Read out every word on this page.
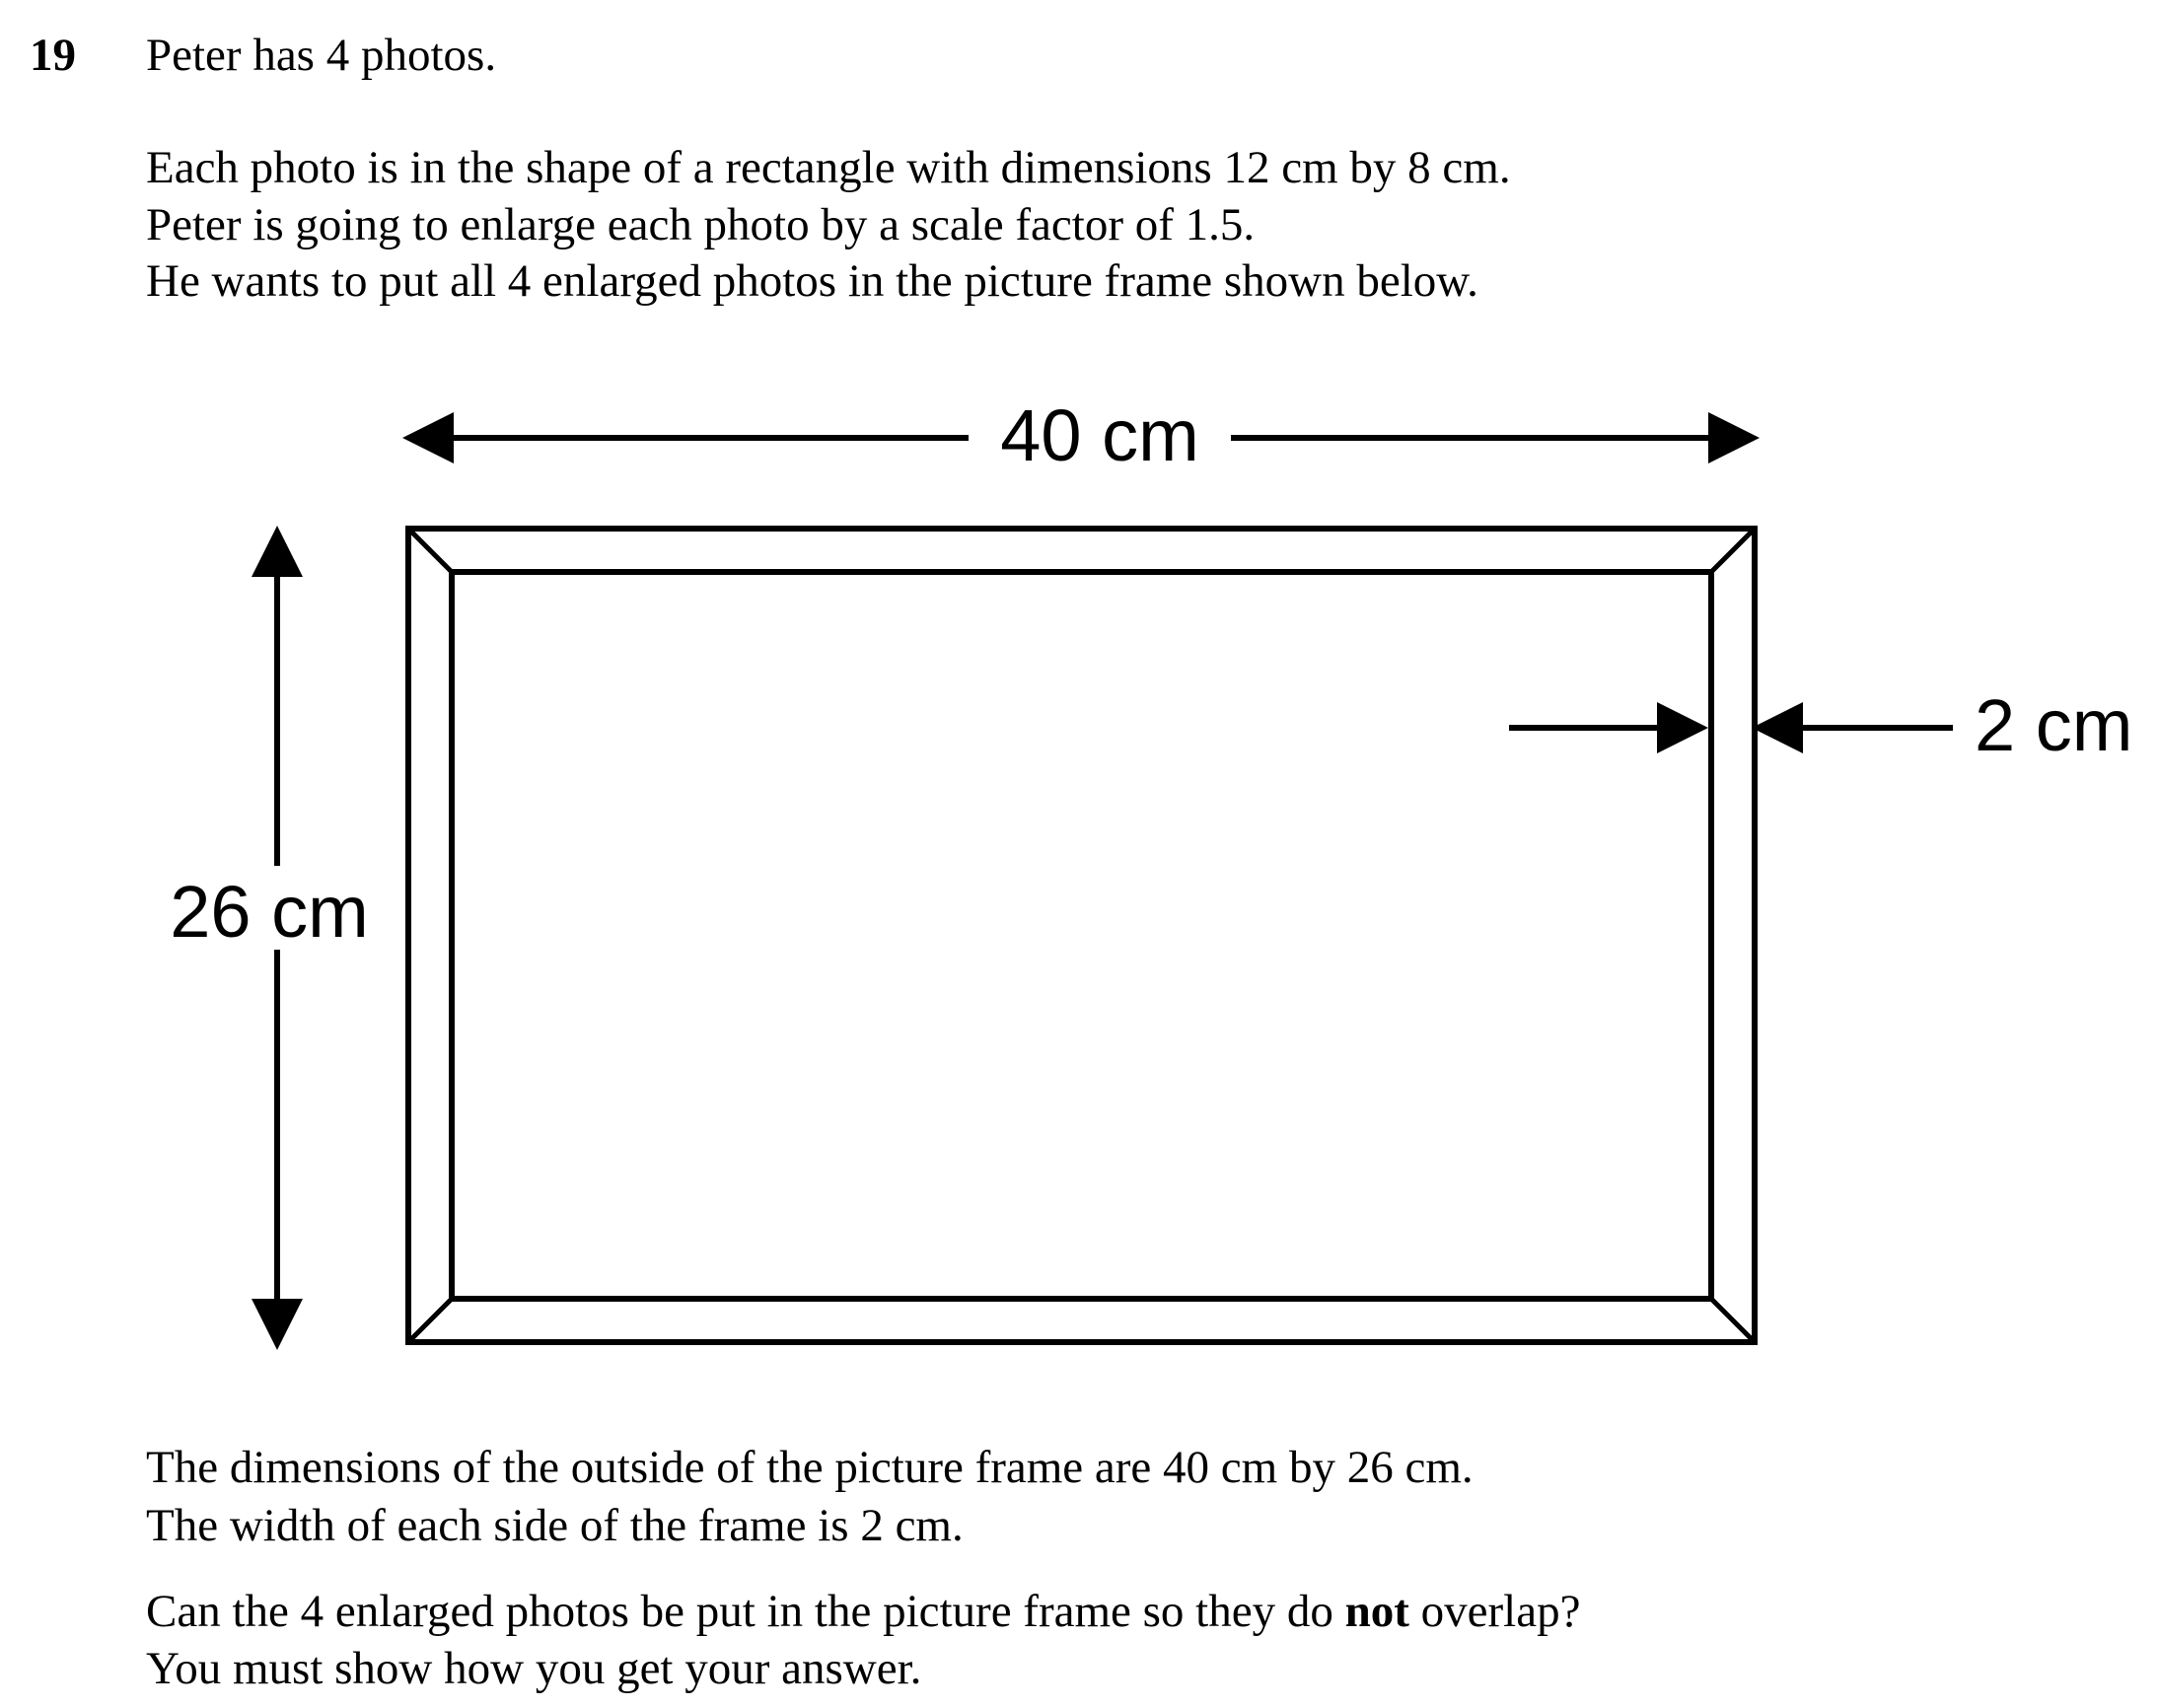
19 Peter has 4 photos.
Each photo is in the shape of a rectangle with dimensions 12 cm by 8 cm.
Peter is going to enlarge each photo by a scale factor of 1.5.
He wants to put all 4 enlarged photos in the picture frame shown below.
40 cm
26 cm
2 cm
The dimensions of the outside of the picture frame are 40 cm by 26 cm.
The width of each side of the frame is 2 cm.
Can the 4 enlarged photos be put in the picture frame so they do not overlap?
You must show how you get your answer.
